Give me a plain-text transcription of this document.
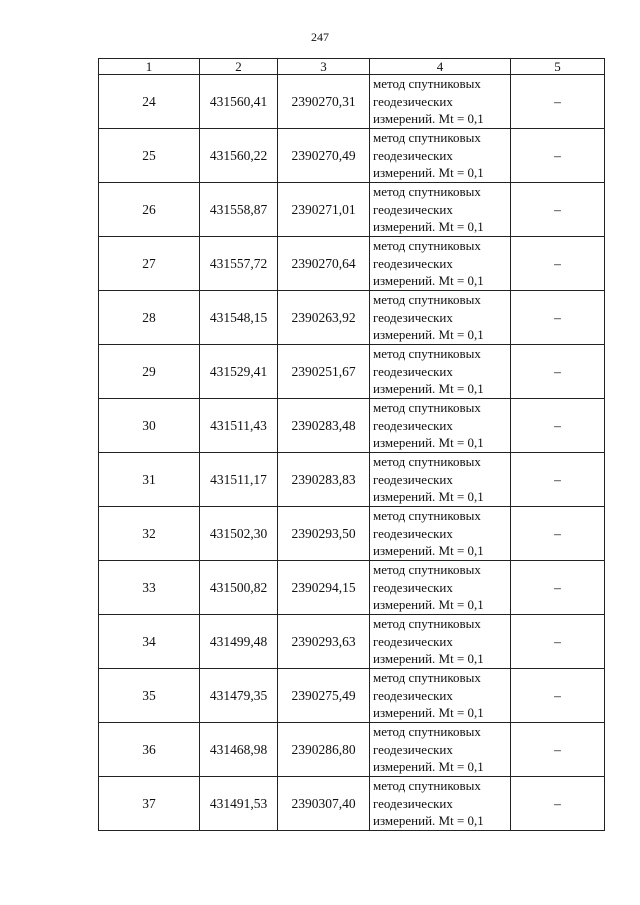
247
1	2	3	4	5
24	431560,41	2390270,31	метод спутниковых
геодезических
измерений. Mt = 0,1	–
25	431560,22	2390270,49	метод спутниковых
геодезических
измерений. Mt = 0,1	–
26	431558,87	2390271,01	метод спутниковых
геодезических
измерений. Mt = 0,1	–
27	431557,72	2390270,64	метод спутниковых
геодезических
измерений. Mt = 0,1	–
28	431548,15	2390263,92	метод спутниковых
геодезических
измерений. Mt = 0,1	–
29	431529,41	2390251,67	метод спутниковых
геодезических
измерений. Mt = 0,1	–
30	431511,43	2390283,48	метод спутниковых
геодезических
измерений. Mt = 0,1	–
31	431511,17	2390283,83	метод спутниковых
геодезических
измерений. Mt = 0,1	–
32	431502,30	2390293,50	метод спутниковых
геодезических
измерений. Mt = 0,1	–
33	431500,82	2390294,15	метод спутниковых
геодезических
измерений. Mt = 0,1	–
34	431499,48	2390293,63	метод спутниковых
геодезических
измерений. Mt = 0,1	–
35	431479,35	2390275,49	метод спутниковых
геодезических
измерений. Mt = 0,1	–
36	431468,98	2390286,80	метод спутниковых
геодезических
измерений. Mt = 0,1	–
37	431491,53	2390307,40	метод спутниковых
геодезических
измерений. Mt = 0,1	–
